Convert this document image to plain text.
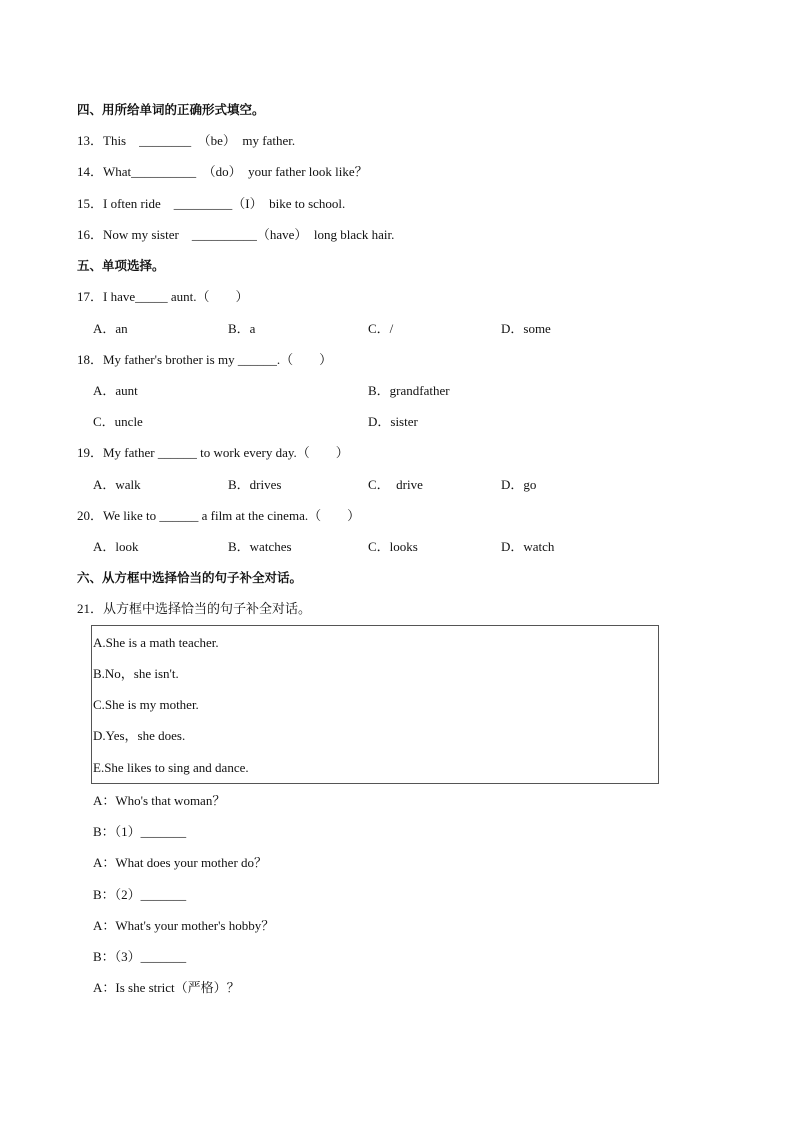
四、用所给单词的正确形式填空。
13．This　________　（be）　my father.
14．What__________　（do）　your father look like？
15．I often ride　_________（I）　bike to school.
16．Now my sister　__________（have）　long black hair.
五、单项选择。
17．I have_____ aunt.（　　）
A．an	B．a	C．/	D．some
18．My father's brother is my ______.（　　）
A．aunt	B．grandfather
C．uncle	D．sister
19．My father ______ to work every day.（　　）
A．walk	B．drives	C．　drive	D．go
20．We like to ______ a film at the cinema.（　　）
A．look	B．watches	C．looks	D．watch
六、从方框中选择恰当的句子补全对话。
21．从方框中选择恰当的句子补全对话。
A.She is a math teacher.
B.No，she isn't.
C.She is my mother.
D.Yes，she does.
E.She likes to sing and dance.
A：Who's that woman？
B：（1）_______
A：What does your mother do？
B：（2）_______
A：What's your mother's hobby？
B：（3）_______
A：Is she strict（严格）？
